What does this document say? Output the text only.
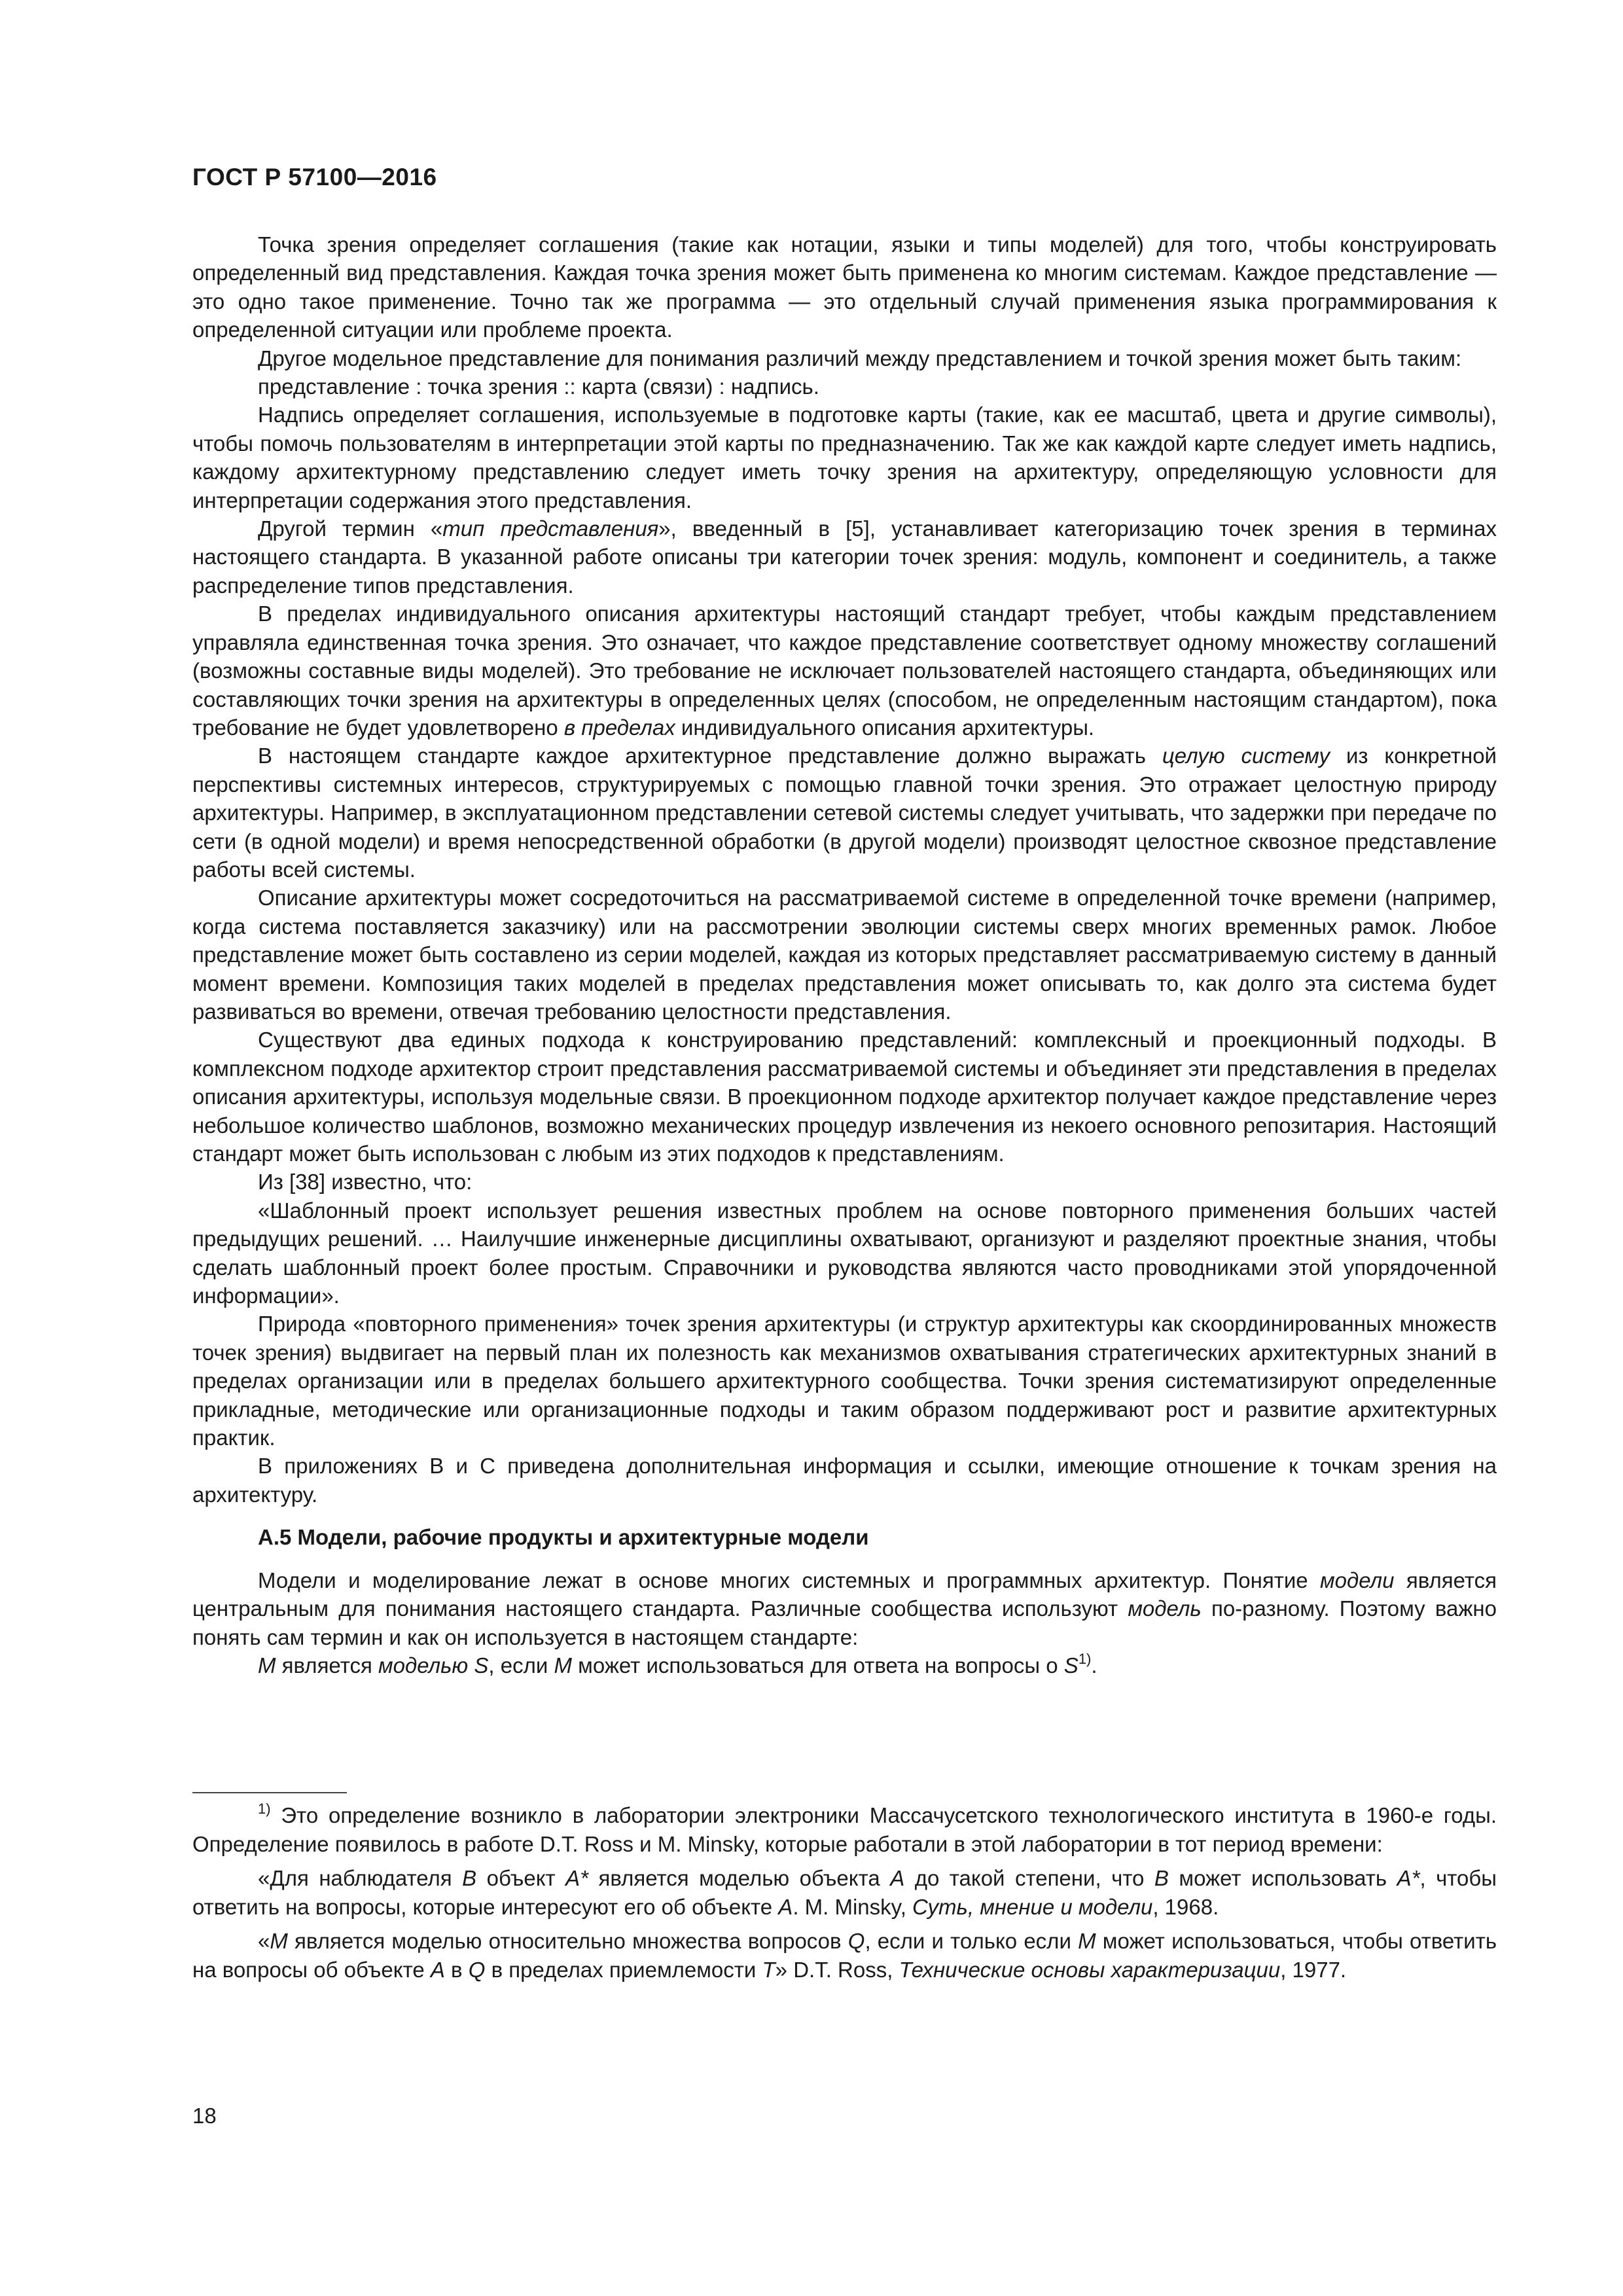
ГОСТ Р 57100—2016

Точка зрения определяет соглашения (такие как нотации, языки и типы моделей) для того, чтобы конструировать определенный вид представления. Каждая точка зрения может быть применена ко многим системам. Каждое представление — это одно такое применение. Точно так же программа — это отдельный случай применения языка программирования к определенной ситуации или проблеме проекта.

Другое модельное представление для понимания различий между представлением и точкой зрения может быть таким:

представление : точка зрения :: карта (связи) : надпись.

Надпись определяет соглашения, используемые в подготовке карты (такие, как ее масштаб, цвета и другие символы), чтобы помочь пользователям в интерпретации этой карты по предназначению. Так же как каждой карте следует иметь надпись, каждому архитектурному представлению следует иметь точку зрения на архитектуру, определяющую условности для интерпретации содержания этого представления.

Другой термин «тип представления», введенный в [5], устанавливает категоризацию точек зрения в терминах настоящего стандарта. В указанной работе описаны три категории точек зрения: модуль, компонент и соединитель, а также распределение типов представления.

В пределах индивидуального описания архитектуры настоящий стандарт требует, чтобы каждым представлением управляла единственная точка зрения. Это означает, что каждое представление соответствует одному множеству соглашений (возможны составные виды моделей). Это требование не исключает пользователей настоящего стандарта, объединяющих или составляющих точки зрения на архитектуры в определенных целях (способом, не определенным настоящим стандартом), пока требование не будет удовлетворено в пределах индивидуального описания архитектуры.

В настоящем стандарте каждое архитектурное представление должно выражать целую систему из конкретной перспективы системных интересов, структурируемых с помощью главной точки зрения. Это отражает целостную природу архитектуры. Например, в эксплуатационном представлении сетевой системы следует учитывать, что задержки при передаче по сети (в одной модели) и время непосредственной обработки (в другой модели) производят целостное сквозное представление работы всей системы.

Описание архитектуры может сосредоточиться на рассматриваемой системе в определенной точке времени (например, когда система поставляется заказчику) или на рассмотрении эволюции системы сверх многих временных рамок. Любое представление может быть составлено из серии моделей, каждая из которых представляет рассматриваемую систему в данный момент времени. Композиция таких моделей в пределах представления может описывать то, как долго эта система будет развиваться во времени, отвечая требованию целостности представления.

Существуют два единых подхода к конструированию представлений: комплексный и проекционный подходы. В комплексном подходе архитектор строит представления рассматриваемой системы и объединяет эти представления в пределах описания архитектуры, используя модельные связи. В проекционном подходе архитектор получает каждое представление через небольшое количество шаблонов, возможно механических процедур извлечения из некоего основного репозитария. Настоящий стандарт может быть использован с любым из этих подходов к представлениям.

Из [38] известно, что:

«Шаблонный проект использует решения известных проблем на основе повторного применения больших частей предыдущих решений. … Наилучшие инженерные дисциплины охватывают, организуют и разделяют проектные знания, чтобы сделать шаблонный проект более простым. Справочники и руководства являются часто проводниками этой упорядоченной информации».

Природа «повторного применения» точек зрения архитектуры (и структур архитектуры как скоординированных множеств точек зрения) выдвигает на первый план их полезность как механизмов охватывания стратегических архитектурных знаний в пределах организации или в пределах большего архитектурного сообщества. Точки зрения систематизируют определенные прикладные, методические или организационные подходы и таким образом поддерживают рост и развитие архитектурных практик.

В приложениях В и С приведена дополнительная информация и ссылки, имеющие отношение к точкам зрения на архитектуру.

А.5 Модели, рабочие продукты и архитектурные модели

Модели и моделирование лежат в основе многих системных и программных архитектур. Понятие модели является центральным для понимания настоящего стандарта. Различные сообщества используют модель по-разному. Поэтому важно понять сам термин и как он используется в настоящем стандарте:

M является моделью S, если M может использоваться для ответа на вопросы о $S^{1)}$.

$^{1)}$ Это определение возникло в лаборатории электроники Массачусетского технологического института в 1960-е годы. Определение появилось в работе D.T. Ross и M. Minsky, которые работали в этой лаборатории в тот период времени:

«Для наблюдателя В объект А* является моделью объекта А до такой степени, что В может использовать А*, чтобы ответить на вопросы, которые интересуют его об объекте А. M. Minsky, Суть, мнение и модели, 1968.

«М является моделью относительно множества вопросов Q, если и только если M может использоваться, чтобы ответить на вопросы об объекте А в Q в пределах приемлемости Т» D.T. Ross, Технические основы характеризации, 1977.

18
